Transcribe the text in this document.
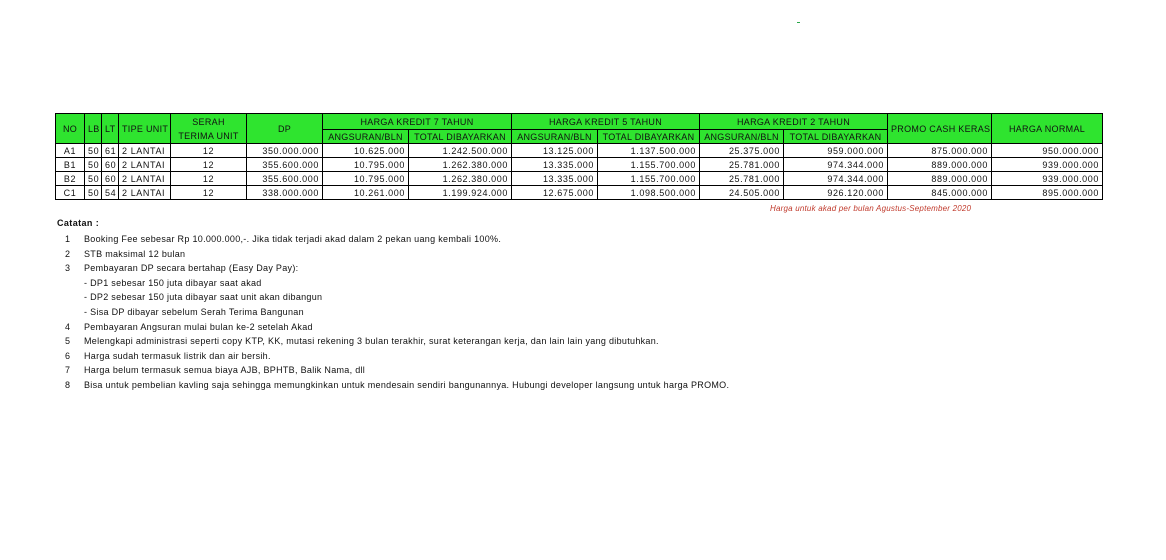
NO	LB	LT	TIPE UNIT	SERAH TERIMA UNIT	DP	HARGA KREDIT 7 TAHUN		HARGA KREDIT 5 TAHUN		HARGA KREDIT 2 TAHUN		PROMO CASH KERAS	HARGA NORMAL
						ANGSURAN/BLN	TOTAL DIBAYARKAN	ANGSURAN/BLN	TOTAL DIBAYARKAN	ANGSURAN/BLN	TOTAL DIBAYARKAN		
A1	50	61	2 LANTAI	12	350.000.000	10.625.000	1.242.500.000	13.125.000	1.137.500.000	25.375.000	959.000.000	875.000.000	950.000.000
B1	50	60	2 LANTAI	12	355.600.000	10.795.000	1.262.380.000	13.335.000	1.155.700.000	25.781.000	974.344.000	889.000.000	939.000.000
B2	50	60	2 LANTAI	12	355.600.000	10.795.000	1.262.380.000	13.335.000	1.155.700.000	25.781.000	974.344.000	889.000.000	939.000.000
C1	50	54	2 LANTAI	12	338.000.000	10.261.000	1.199.924.000	12.675.000	1.098.500.000	24.505.000	926.120.000	845.000.000	895.000.000
Harga untuk akad per bulan Agustus-September 2020
Catatan :
1	Booking Fee sebesar Rp 10.000.000,-. Jika tidak terjadi akad dalam 2 pekan uang kembali 100%.
2	STB maksimal 12 bulan
3	Pembayaran DP secara bertahap (Easy Day Pay):
- DP1 sebesar 150 juta dibayar saat akad
- DP2 sebesar 150 juta dibayar saat unit akan dibangun
- Sisa DP dibayar sebelum Serah Terima Bangunan
4	Pembayaran Angsuran mulai bulan ke-2 setelah Akad
5	Melengkapi administrasi seperti copy KTP, KK, mutasi rekening 3 bulan terakhir, surat keterangan kerja, dan lain lain yang dibutuhkan.
6	Harga sudah termasuk listrik dan air bersih.
7	Harga belum termasuk semua biaya AJB, BPHTB, Balik Nama, dll
8	Bisa untuk pembelian kavling saja sehingga memungkinkan untuk mendesain sendiri bangunannya. Hubungi developer langsung untuk harga PROMO.
